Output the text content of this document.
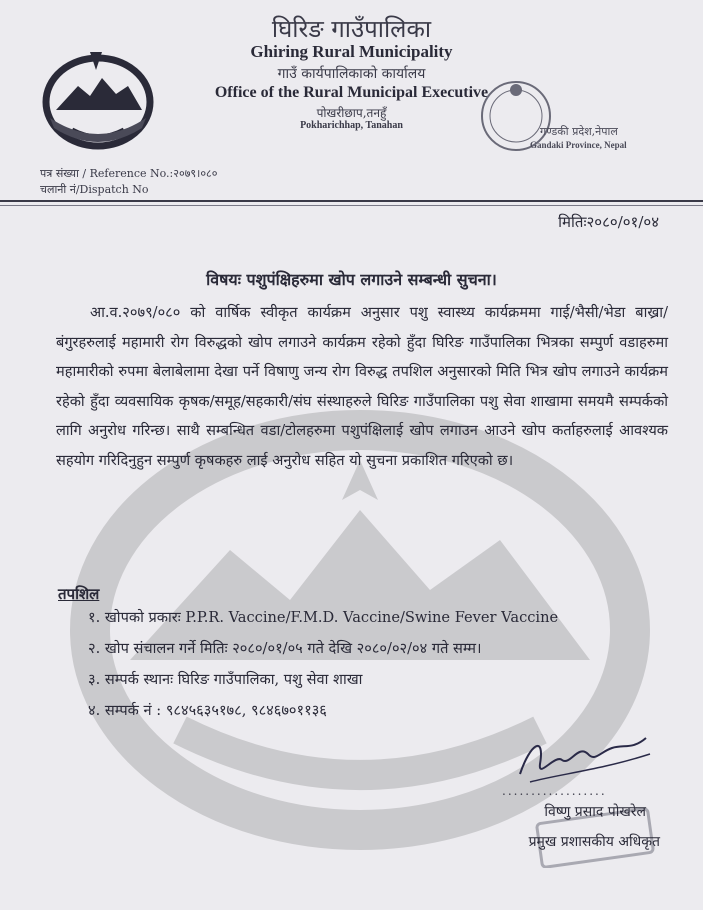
घिरिङ गाउँपालिका
Ghiring Rural Municipality
गाउँ कार्यपालिकाको कार्यालय
Office of the Rural Municipal Executive
पोखरीछाप,तनहुँ
Pokharichhap, Tanahan	गण्डकी प्रदेश,नेपाल
Gandaki Province, Nepal
पत्र संख्या / Reference No.:२०७९।०८०
चलानी नं/Dispatch No
मितिः२०८०/०१/०४
विषयः पशुपंक्षिहरुमा खोप लगाउने सम्बन्धी सुचना।
आ.व.२०७९/०८० को वार्षिक स्वीकृत कार्यक्रम अनुसार पशु स्वास्थ्य कार्यक्रममा गाई/भैसी/भेडा बाख्रा/बंगुरहरुलाई महामारी रोग विरुद्धको खोप लगाउने कार्यक्रम रहेको हुँदा घिरिङ गाउँपालिका भित्रका सम्पुर्ण वडाहरुमा महामारीको रुपमा बेलाबेलामा देखा पर्ने विषाणु जन्य रोग विरुद्ध तपशिल अनुसारको मिति भित्र खोप लगाउने कार्यक्रम रहेको हुँदा व्यवसायिक कृषक/समूह/सहकारी/संघ संस्थाहरुले घिरिङ गाउँपालिका पशु सेवा शाखामा समयमै सम्पर्कको लागि अनुरोध गरिन्छ। साथै सम्बन्धित वडा/टोलहरुमा पशुपंक्षिलाई खोप लगाउन आउने खोप कर्ताहरुलाई आवश्यक सहयोग गरिदिनुहुन सम्पुर्ण कृषकहरु लाई अनुरोध सहित यो सुचना प्रकाशित गरिएको छ।
तपशिल
१. खोपको प्रकारः P.P.R. Vaccine/F.M.D. Vaccine/Swine Fever Vaccine
२. खोप संचालन गर्ने मितिः २०८०/०१/०५ गते देखि २०८०/०२/०४ गते सम्म।
३. सम्पर्क स्थानः घिरिङ गाउँपालिका, पशु सेवा शाखा
४. सम्पर्क नं : ९८४५६३५१७८, ९८४६७०११३६
..................
विष्णु प्रसाद पोखरेल
प्रमुख प्रशासकीय अधिकृत
